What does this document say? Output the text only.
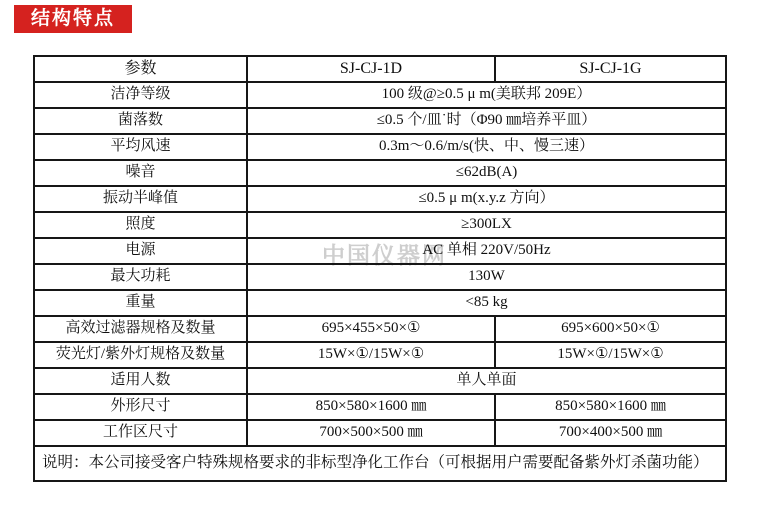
结构特点
中国仪器网
参数	SJ-CJ-1D	SJ-CJ-1G
洁净等级	100 级@≥0.5 μ m(美联邦 209E）	
菌落数	≤0.5 个/皿˙时（Φ90 ㎜培养平皿）	
平均风速	0.3m～0.6/m/s(快、中、慢三速）	
噪音	≤62dB(A)	
振动半峰值	≤0.5 μ m(x.y.z 方向）	
照度	≥300LX	
电源	AC 单相 220V/50Hz	
最大功耗	130W	
重量	<85 kg	
高效过滤器规格及数量	695×455×50×①	695×600×50×①
荧光灯/紫外灯规格及数量	15W×①/15W×①	15W×①/15W×①
适用人数	单人单面	
外形尺寸	850×580×1600 ㎜	850×580×1600 ㎜
工作区尺寸	700×500×500 ㎜	700×400×500 ㎜
说明：本公司接受客户特殊规格要求的非标型净化工作台（可根据用户需要配备紫外灯杀菌功能）		
